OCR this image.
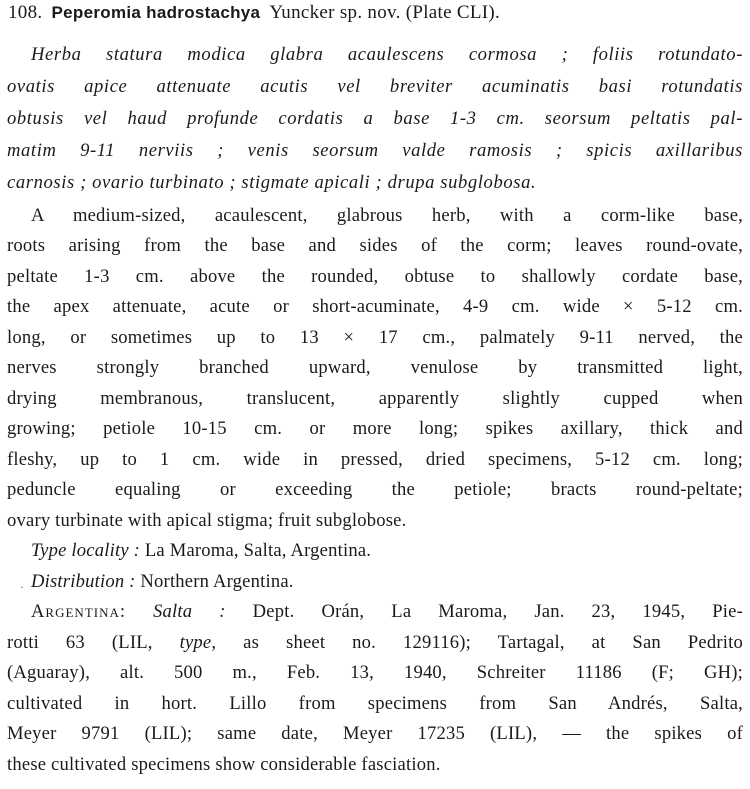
108. Peperomia hadrostachya Yuncker sp. nov. (Plate CLI).
Herba statura modica glabra acaulescens cormosa ; foliis rotundato-
ovatis apice attenuate acutis vel breviter acuminatis basi rotundatis
obtusis vel haud profunde cordatis a base 1-3 cm. seorsum peltatis pal-
matim 9-11 nerviis ; venis seorsum valde ramosis ; spicis axillaribus
carnosis ; ovario turbinato ; stigmate apicali ; drupa subglobosa.
A medium-sized, acaulescent, glabrous herb, with a corm-like base,
roots arising from the base and sides of the corm; leaves round-ovate,
peltate 1-3 cm. above the rounded, obtuse to shallowly cordate base,
the apex attenuate, acute or short-acuminate, 4-9 cm. wide × 5-12 cm.
long, or sometimes up to 13 × 17 cm., palmately 9-11 nerved, the
nerves strongly branched upward, venulose by transmitted light,
drying membranous, translucent, apparently slightly cupped when
growing; petiole 10-15 cm. or more long; spikes axillary, thick and
fleshy, up to 1 cm. wide in pressed, dried specimens, 5-12 cm. long;
peduncle equaling or exceeding the petiole; bracts round-peltate;
ovary turbinate with apical stigma; fruit subglobose.
Type locality : La Maroma, Salta, Argentina.
· Distribution : Northern Argentina.
Argentina: Salta : Dept. Orán, La Maroma, Jan. 23, 1945, Pie-
rotti 63 (LIL, type, as sheet no. 129116); Tartagal, at San Pedrito
(Aguaray), alt. 500 m., Feb. 13, 1940, Schreiter 11186 (F; GH);
cultivated in hort. Lillo from specimens from San Andrés, Salta,
Meyer 9791 (LIL); same date, Meyer 17235 (LIL), — the spikes of
these cultivated specimens show considerable fasciation.
